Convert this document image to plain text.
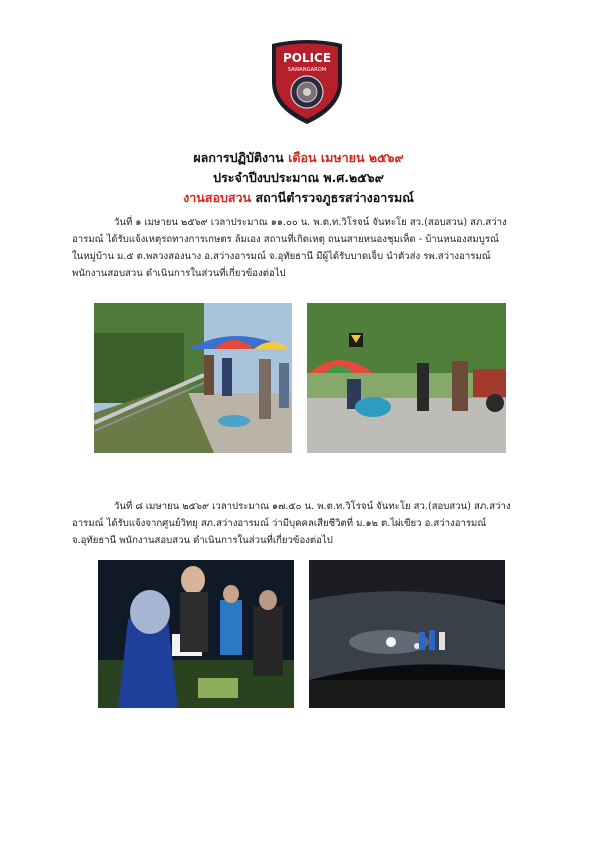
POLICE
SAWANGAROM
ผลการปฏิบัติงาน เดือน เมษายน ๒๕๖๙
ประจำปีงบประมาณ พ.ศ.๒๕๖๙
งานสอบสวน สถานีตำรวจภูธรสว่างอารมณ์
วันที่ ๑ เมษายน ๒๕๖๙ เวลาประมาณ ๑๑.๐๐ น. พ.ต.ท.วิโรจน์ จันทะโย สว.(สอบสวน) สภ.สว่าง
อารมณ์ ได้รับแจ้งเหตุรถทางการเกษตร ล้มเอง สถานที่เกิดเหตุ ถนนสายหนองชุมเห็ด - บ้านหนองสมบูรณ์
ในหมู่บ้าน ม.๕ ต.พลวงสองนาง อ.สว่างอารมณ์ จ.อุทัยธานี มีผู้ได้รับบาดเจ็บ นำตัวส่ง รพ.สว่างอารมณ์
พนักงานสอบสวน ดำเนินการในส่วนที่เกี่ยวข้องต่อไป
วันที่ ๘ เมษายน ๒๕๖๙ เวลาประมาณ ๑๗.๕๐ น. พ.ต.ท.วิโรจน์ จันทะโย สว.(สอบสวน) สภ.สว่าง
อารมณ์ ได้รับแจ้งจากศูนย์วิทยุ สภ.สว่างอารมณ์ ว่ามีบุคคลเสียชีวิตที่ ม.๑๒ ต.ไผ่เขียว อ.สว่างอารมณ์
จ.อุทัยธานี พนักงานสอบสวน ดำเนินการในส่วนที่เกี่ยวข้องต่อไป
